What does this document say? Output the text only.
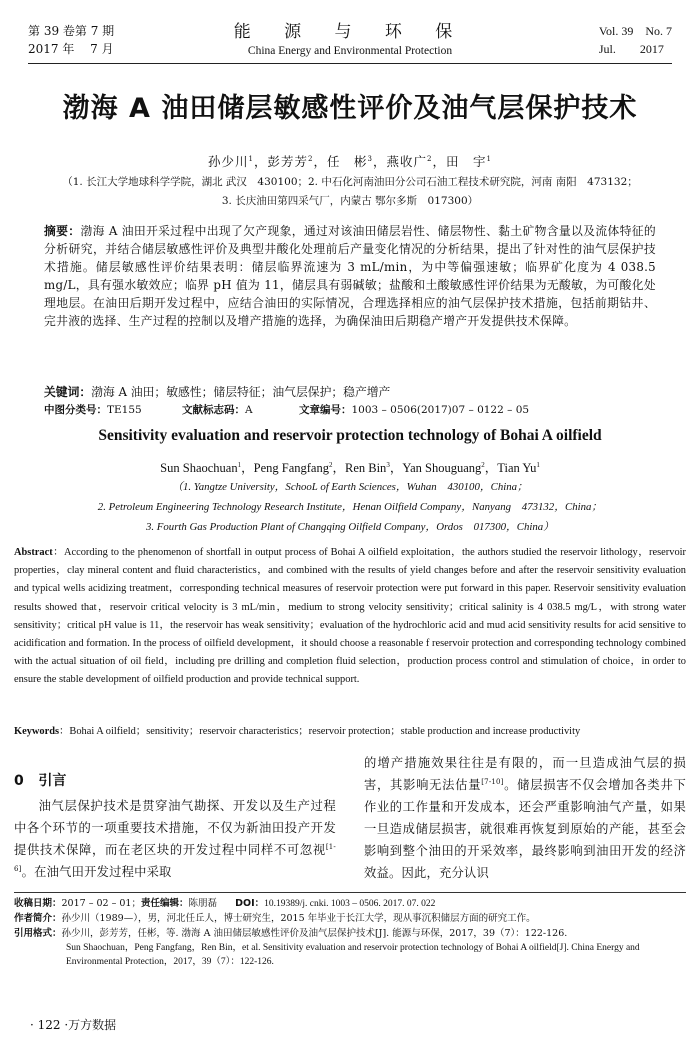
第 39 卷第 7 期
2017 年　 7 月
能 源 与 环 保
China Energy and Environmental Protection
Vol. 39　No. 7
Jul.　　2017
渤海 A 油田储层敏感性评价及油气层保护技术
孙少川$^1$，彭芳芳$^2$，任　彬$^3$，燕收广$^2$，田　宇$^1$
（1. 长江大学地球科学学院，湖北 武汉　430100；2. 中石化河南油田分公司石油工程技术研究院，河南 南阳　473132；
3. 长庆油田第四采气厂，内蒙古 鄂尔多斯　017300）
摘要：渤海 A 油田开采过程中出现了欠产现象，通过对该油田储层岩性、储层物性、黏土矿物含量以及流体特征的分析研究，并结合储层敏感性评价及典型井酸化处理前后产量变化情况的分析结果，提出了针对性的油气层保护技术措施。储层敏感性评价结果表明：储层临界流速为 3 mL/min，为中等偏强速敏；临界矿化度为 4 038.5 mg/L，具有强水敏效应；临界 pH 值为 11，储层具有弱碱敏；盐酸和土酸敏感性评价结果为无酸敏，为可酸化处理地层。在油田后期开发过程中，应结合油田的实际情况，合理选择相应的油气层保护技术措施，包括前期钻井、完井液的选择、生产过程的控制以及增产措施的选择，为确保油田后期稳产增产开发提供技术保障。
关键词：渤海 A 油田；敏感性；储层特征；油气层保护；稳产增产
中图分类号：TE155	文献标志码：A	文章编号：1003 – 0506(2017)07 – 0122 – 05
Sensitivity evaluation and reservoir protection technology of Bohai A oilfield
Sun Shaochuan$^1$，Peng Fangfang$^2$，Ren Bin$^3$，Yan Shouguang$^2$，Tian Yu$^1$
（1. Yangtze University，SchooL of Earth Sciences，Wuhan　430100，China；
2. Petroleum Engineering Technology Research Institute，Henan Oilfield Company，Nanyang　473132，China；
3. Fourth Gas Production Plant of Changqing Oilfield Company，Ordos　017300，China）
Abstract：According to the phenomenon of shortfall in output process of Bohai A oilfield exploitation，the authors studied the reservoir lithology，reservoir properties，clay mineral content and fluid characteristics，and combined with the results of yield changes before and after the reservoir sensitivity evaluation and typical wells acidizing treatment，corresponding technical measures of reservoir protection were put forward in this paper. Reservoir sensitivity evaluation results showed that，reservoir critical velocity is 3 mL/min，medium to strong velocity sensitivity；critical salinity is 4 038.5 mg/L，with strong water sensitivity；critical pH value is 11，the reservoir has weak sensitivity；evaluation of the hydrochloric acid and mud acid sensitivity results for acid sensitive to acidification and formation. In the process of oilfield development，it should choose a reasonable f reservoir protection and corresponding technology combined with the actual situation of oil field，including pre drilling and completion fluid selection，production process control and stimulation of choice，in order to ensure the stable development of oilfield production and provide technical support.
Keywords：Bohai A oilfield；sensitivity；reservoir characteristics；reservoir protection；stable production and increase productivity
0 引言
油气层保护技术是贯穿油气勘探、开发以及生产过程中各个环节的一项重要技术措施，不仅为新油田投产开发提供技术保障，而在老区块的开发过程中同样不可忽视[1-6]。在油气田开发过程中采取
的增产措施效果往往是有限的，而一旦造成油气层的损害，其影响无法估量[7-10]。储层损害不仅会增加各类井下作业的工作量和开发成本，还会严重影响油气产量，如果一旦造成储层损害，就很难再恢复到原始的产能，甚至会影响到整个油田的开采效率，最终影响到油田开发的经济效益。因此，充分认识
收稿日期：2017 – 02 – 01；责任编辑：陈朋磊 DOI：10.19389/j. cnki. 1003 – 0506. 2017. 07. 022
作者简介：孙少川（1989—），男，河北任丘人，博士研究生，2015 年毕业于长江大学，现从事沉积储层方面的研究工作。
引用格式：孙少川，彭芳芳，任彬，等. 渤海 A 油田储层敏感性评价及油气层保护技术[J]. 能源与环保，2017，39（7）：122-126.
Sun Shaochuan，Peng Fangfang，Ren Bin，et al. Sensitivity evaluation and reservoir protection technology of Bohai A oilfield[J]. China Energy and Environmental Protection，2017，39（7）：122-126.
· 122 ·万方数据
